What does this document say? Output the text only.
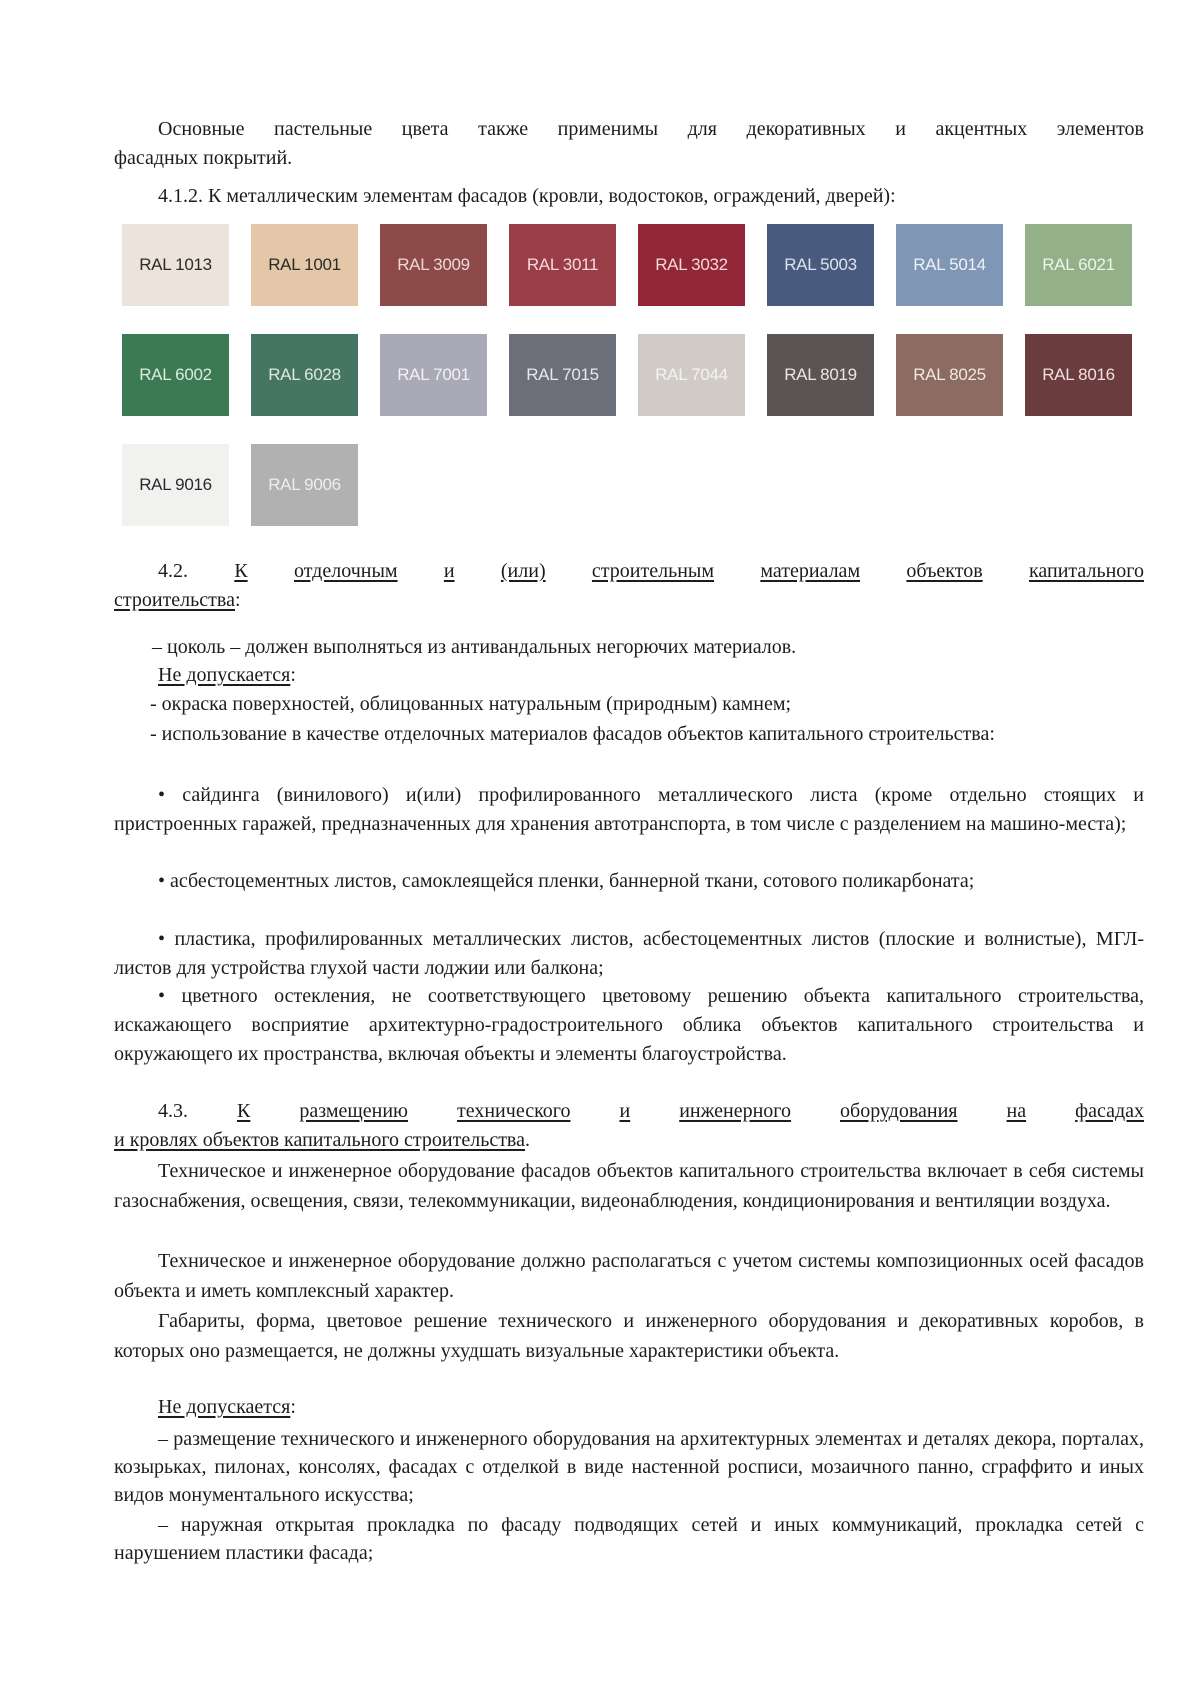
Основные пастельные цвета также применимы для декоративных и акцентных элементов
фасадных покрытий.
4.1.2. К металлическим элементам фасадов (кровли, водостоков, ограждений, дверей):
RAL 1013	RAL 1001	RAL 3009	RAL 3011	RAL 3032	RAL 5003	RAL 5014	RAL 6021
RAL 6002	RAL 6028	RAL 7001	RAL 7015	RAL 7044	RAL 8019	RAL 8025	RAL 8016
RAL 9016	RAL 9006
4.2. К отделочным и (или) строительным материалам объектов капитального
строительства:
– цоколь – должен выполняться из антивандальных негорючих материалов.
Не допускается:
- окраска поверхностей, облицованных натуральным (природным) камнем;
- использование в качестве отделочных материалов фасадов объектов капитального строительства:
• сайдинга (винилового) и(или) профилированного металлического листа (кроме отдельно стоящих и пристроенных гаражей, предназначенных для хранения автотранспорта, в том числе с разделением на машино-места);
• асбестоцементных листов, самоклеящейся пленки, баннерной ткани, сотового поликарбоната;
• пластика, профилированных металлических листов, асбестоцементных листов (плоские и волнистые), МГЛ-листов для устройства глухой части лоджии или балкона;
• цветного остекления, не соответствующего цветовому решению объекта капитального строительства, искажающего восприятие архитектурно-градостроительного облика объектов капитального строительства и окружающего их пространства, включая объекты и элементы благоустройства.
4.3. К размещению технического и инженерного оборудования на фасадах
и кровлях объектов капитального строительства.
Техническое и инженерное оборудование фасадов объектов капитального строительства включает в себя системы газоснабжения, освещения, связи, телекоммуникации, видеонаблюдения, кондиционирования и вентиляции воздуха.
Техническое и инженерное оборудование должно располагаться с учетом системы композиционных осей фасадов объекта и иметь комплексный характер.
Габариты, форма, цветовое решение технического и инженерного оборудования и декоративных коробов, в которых оно размещается, не должны ухудшать визуальные характеристики объекта.
Не допускается:
– размещение технического и инженерного оборудования на архитектурных элементах и деталях декора, порталах, козырьках, пилонах, консолях, фасадах с отделкой в виде настенной росписи, мозаичного панно, сграффито и иных видов монументального искусства;
– наружная открытая прокладка по фасаду подводящих сетей и иных коммуникаций, прокладка сетей с нарушением пластики фасада;
